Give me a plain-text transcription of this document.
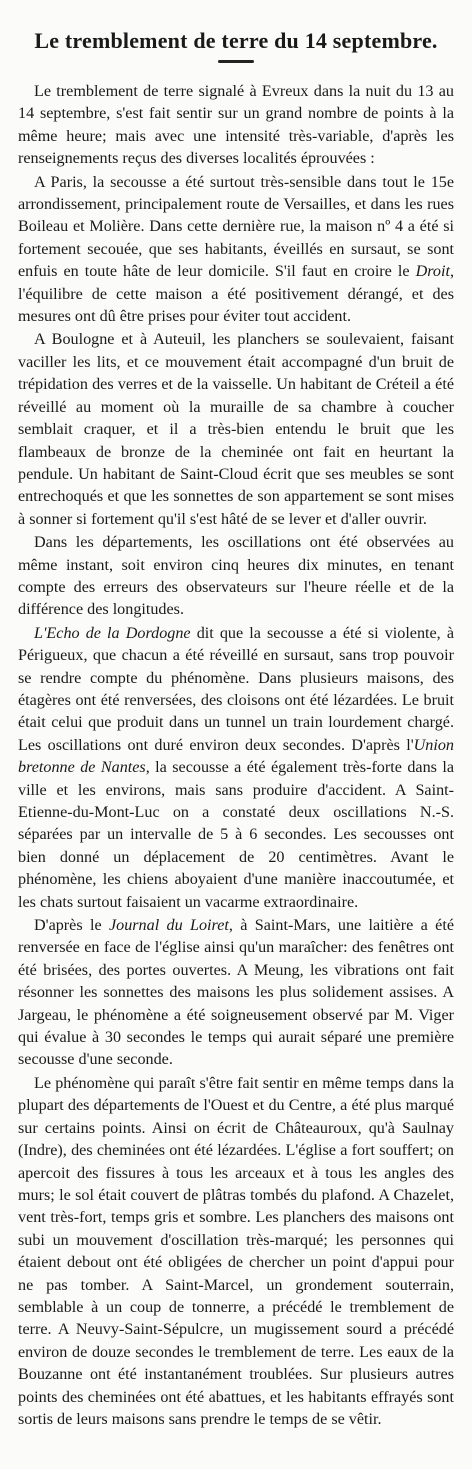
Le tremblement de terre du 14 septembre.

Le tremblement de terre signalé à Evreux dans la nuit du 13 au 14 septembre, s'est fait sentir sur un grand nombre de points à la même heure; mais avec une intensité très-variable, d'après les renseignements reçus des diverses localités éprouvées :

A Paris, la secousse a été surtout très-sensible dans tout le 15e arrondissement, principalement route de Versailles, et dans les rues Boileau et Molière. Dans cette dernière rue, la maison nº 4 a été si fortement secouée, que ses habitants, éveillés en sursaut, se sont enfuis en toute hâte de leur domicile. S'il faut en croire le Droit, l'équilibre de cette maison a été positivement dérangé, et des mesures ont dû être prises pour éviter tout accident.

A Boulogne et à Auteuil, les planchers se soulevaient, faisant vaciller les lits, et ce mouvement était accompagné d'un bruit de trépidation des verres et de la vaisselle. Un habitant de Créteil a été réveillé au moment où la muraille de sa chambre à coucher semblait craquer, et il a très-bien entendu le bruit que les flambeaux de bronze de la cheminée ont fait en heurtant la pendule. Un habitant de Saint-Cloud écrit que ses meubles se sont entrechoqués et que les sonnettes de son appartement se sont mises à sonner si fortement qu'il s'est hâté de se lever et d'aller ouvrir.

Dans les départements, les oscillations ont été observées au même instant, soit environ cinq heures dix minutes, en tenant compte des erreurs des observateurs sur l'heure réelle et de la différence des longitudes.

L'Echo de la Dordogne dit que la secousse a été si violente, à Périgueux, que chacun a été réveillé en sursaut, sans trop pouvoir se rendre compte du phénomène. Dans plusieurs maisons, des étagères ont été renversées, des cloisons ont été lézardées. Le bruit était celui que produit dans un tunnel un train lourdement chargé. Les oscillations ont duré environ deux secondes. D'après l'Union bretonne de Nantes, la secousse a été également très-forte dans la ville et les environs, mais sans produire d'accident. A Saint-Etienne-du-Mont-Luc on a constaté deux oscillations N.-S. séparées par un intervalle de 5 à 6 secondes. Les secousses ont bien donné un déplacement de 20 centimètres. Avant le phénomène, les chiens aboyaient d'une manière inaccoutumée, et les chats surtout faisaient un vacarme extraordinaire.

D'après le Journal du Loiret, à Saint-Mars, une laitière a été renversée en face de l'église ainsi qu'un maraîcher: des fenêtres ont été brisées, des portes ouvertes. A Meung, les vibrations ont fait résonner les sonnettes des maisons les plus solidement assises. A Jargeau, le phénomène a été soigneusement observé par M. Viger qui évalue à 30 secondes le temps qui aurait séparé une première secousse d'une seconde.

Le phénomène qui paraît s'être fait sentir en même temps dans la plupart des départements de l'Ouest et du Centre, a été plus marqué sur certains points. Ainsi on écrit de Châteauroux, qu'à Saulnay (Indre), des cheminées ont été lézardées. L'église a fort souffert; on apercoit des fissures à tous les arceaux et à tous les angles des murs; le sol était couvert de plâtras tombés du plafond. A Chazelet, vent très-fort, temps gris et sombre. Les planchers des maisons ont subi un mouvement d'oscillation très-marqué; les personnes qui étaient debout ont été obligées de chercher un point d'appui pour ne pas tomber. A Saint-Marcel, un grondement souterrain, semblable à un coup de tonnerre, a précédé le tremblement de terre. A Neuvy-Saint-Sépulcre, un mugissement sourd a précédé environ de douze secondes le tremblement de terre. Les eaux de la Bouzanne ont été instantanément troublées. Sur plusieurs autres points des cheminées ont été abattues, et les habitants effrayés sont sortis de leurs maisons sans prendre le temps de se vêtir.
